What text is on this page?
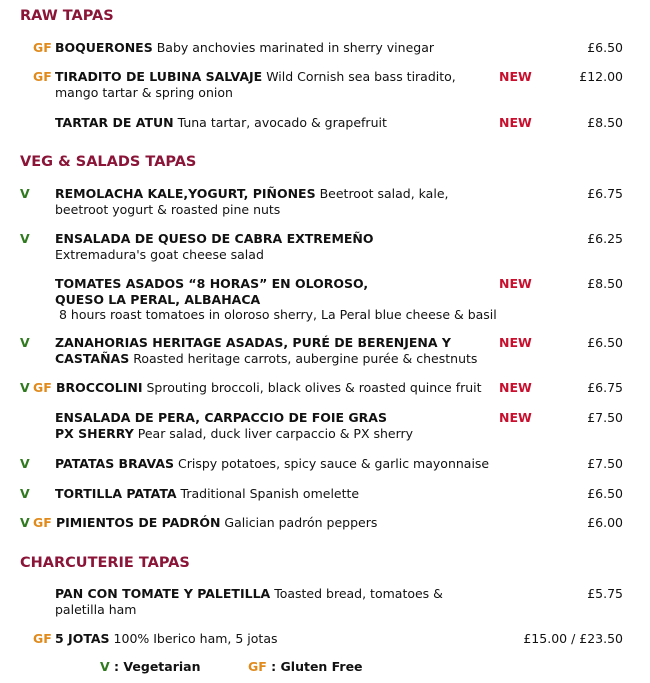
RAW TAPAS
GF BOQUERONES Baby anchovies marinated in sherry vinegar	£6.50
GF TIRADITO DE LUBINA SALVAJE Wild Cornish sea bass tiradito,
mango tartar & spring onion
NEW	£12.00
TARTAR DE ATUN Tuna tartar, avocado & grapefruit	NEW	£8.50
VEG & SALADS TAPAS
V REMOLACHA KALE,YOGURT, PIÑONES Beetroot salad, kale,
beetroot yogurt & roasted pine nuts
£6.75
V ENSALADA DE QUESO DE CABRA EXTREMEÑO
Extremadura's goat cheese salad
£6.25
TOMATES ASADOS “8 HORAS” EN OLOROSO,
QUESO LA PERAL, ALBAHACA
8 hours roast tomatoes in oloroso sherry, La Peral blue cheese & basil
NEW	£8.50
V ZANAHORIAS HERITAGE ASADAS, PURÉ DE BERENJENA Y
CASTAÑAS Roasted heritage carrots, aubergine purée & chestnuts
NEW	£6.50
V GF BROCCOLINI Sprouting broccoli, black olives & roasted quince fruit	NEW	£6.75
ENSALADA DE PERA, CARPACCIO DE FOIE GRAS
PX SHERRY Pear salad, duck liver carpaccio & PX sherry
NEW	£7.50
V PATATAS BRAVAS Crispy potatoes, spicy sauce & garlic mayonnaise	£7.50
V TORTILLA PATATA Traditional Spanish omelette	£6.50
V GF PIMIENTOS DE PADRÓN Galician padrón peppers	£6.00
CHARCUTERIE TAPAS
PAN CON TOMATE Y PALETILLA Toasted bread, tomatoes &
paletilla ham
£5.75
GF 5 JOTAS 100% Iberico ham, 5 jotas	£15.00 / £23.50
V : Vegetarian	GF : Gluten Free
